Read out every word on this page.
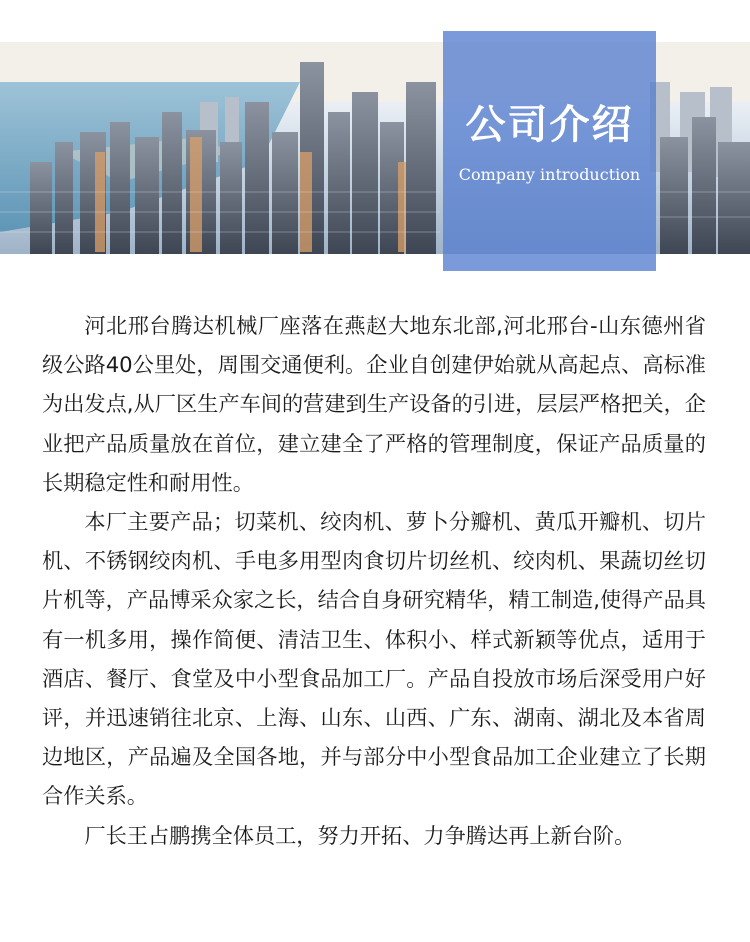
公司介绍
Company introduction

河北邢台腾达机械厂座落在燕赵大地东北部,河北邢台-山东德州省级公路40公里处，周围交通便利。企业自创建伊始就从高起点、高标准为出发点,从厂区生产车间的营建到生产设备的引进，层层严格把关，企业把产品质量放在首位，建立建全了严格的管理制度，保证产品质量的长期稳定性和耐用性。

本厂主要产品；切菜机、绞肉机、萝卜分瓣机、黄瓜开瓣机、切片机、不锈钢绞肉机、手电多用型肉食切片切丝机、绞肉机、果蔬切丝切片机等，产品博采众家之长，结合自身研究精华，精工制造,使得产品具有一机多用，操作简便、清洁卫生、体积小、样式新颖等优点，适用于酒店、餐厅、食堂及中小型食品加工厂。产品自投放市场后深受用户好评，并迅速销往北京、上海、山东、山西、广东、湖南、湖北及本省周边地区，产品遍及全国各地，并与部分中小型食品加工企业建立了长期合作关系。

厂长王占鹏携全体员工，努力开拓、力争腾达再上新台阶。
